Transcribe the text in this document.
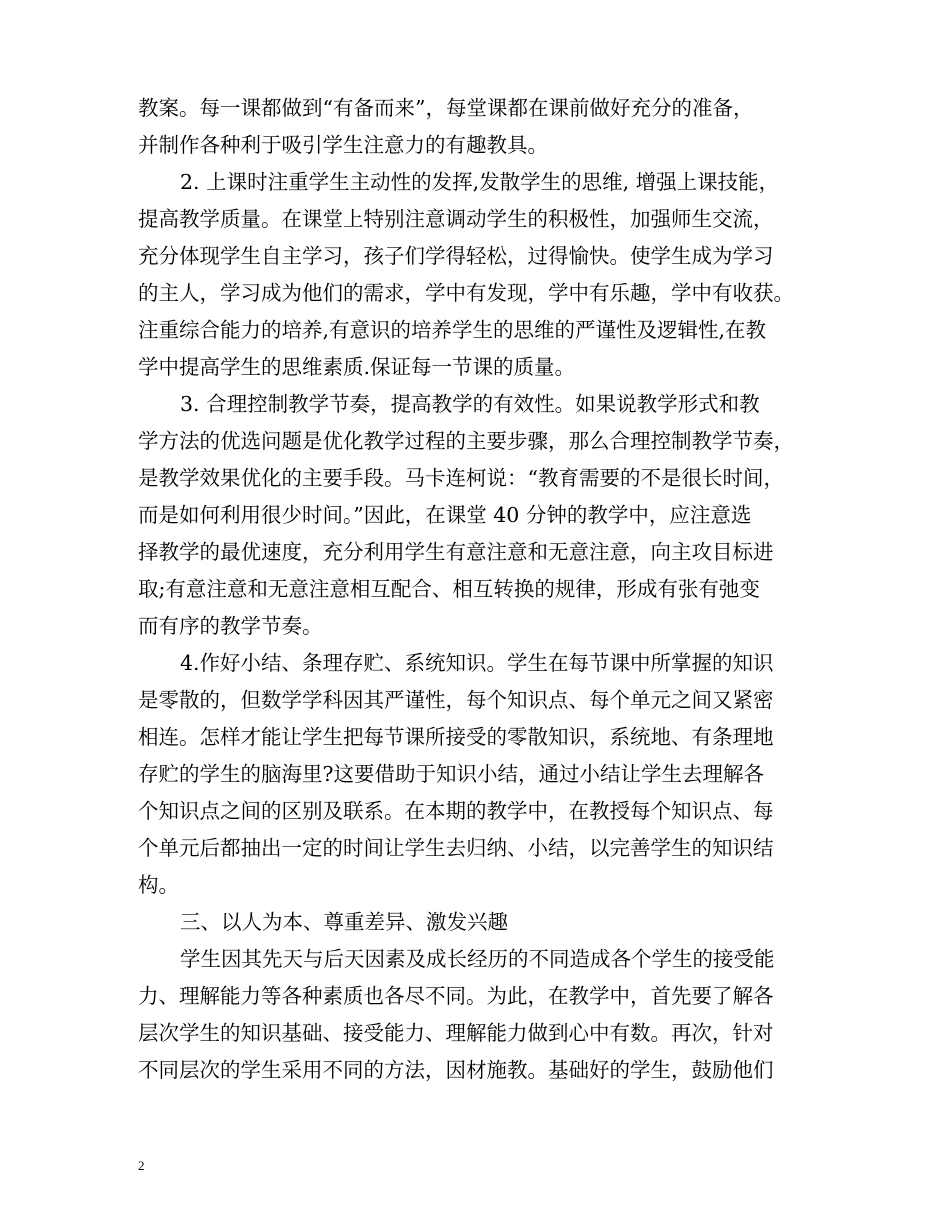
教案。每一课都做到“有备而来”，每堂课都在课前做好充分的准备，
并制作各种利于吸引学生注意力的有趣教具。
2. 上课时注重学生主动性的发挥,发散学生的思维, 增强上课技能，
提高教学质量。在课堂上特别注意调动学生的积极性，加强师生交流，
充分体现学生自主学习，孩子们学得轻松，过得愉快。使学生成为学习
的主人，学习成为他们的需求，学中有发现，学中有乐趣，学中有收获。
注重综合能力的培养,有意识的培养学生的思维的严谨性及逻辑性,在教
学中提高学生的思维素质.保证每一节课的质量。
3. 合理控制教学节奏，提高教学的有效性。如果说教学形式和教
学方法的优选问题是优化教学过程的主要步骤，那么合理控制教学节奏，
是教学效果优化的主要手段。马卡连柯说：“教育需要的不是很长时间，
而是如何利用很少时间。”因此，在课堂 40 分钟的教学中，应注意选
择教学的最优速度，充分利用学生有意注意和无意注意，向主攻目标进
取;有意注意和无意注意相互配合、相互转换的规律，形成有张有弛变
而有序的教学节奏。
4.作好小结、条理存贮、系统知识。学生在每节课中所掌握的知识
是零散的，但数学学科因其严谨性，每个知识点、每个单元之间又紧密
相连。怎样才能让学生把每节课所接受的零散知识，系统地、有条理地
存贮的学生的脑海里?这要借助于知识小结，通过小结让学生去理解各
个知识点之间的区别及联系。在本期的教学中，在教授每个知识点、每
个单元后都抽出一定的时间让学生去归纳、小结，以完善学生的知识结
构。
三、以人为本、尊重差异、激发兴趣
学生因其先天与后天因素及成长经历的不同造成各个学生的接受能
力、理解能力等各种素质也各尽不同。为此，在教学中，首先要了解各
层次学生的知识基础、接受能力、理解能力做到心中有数。再次，针对
不同层次的学生采用不同的方法，因材施教。基础好的学生，鼓励他们
2
